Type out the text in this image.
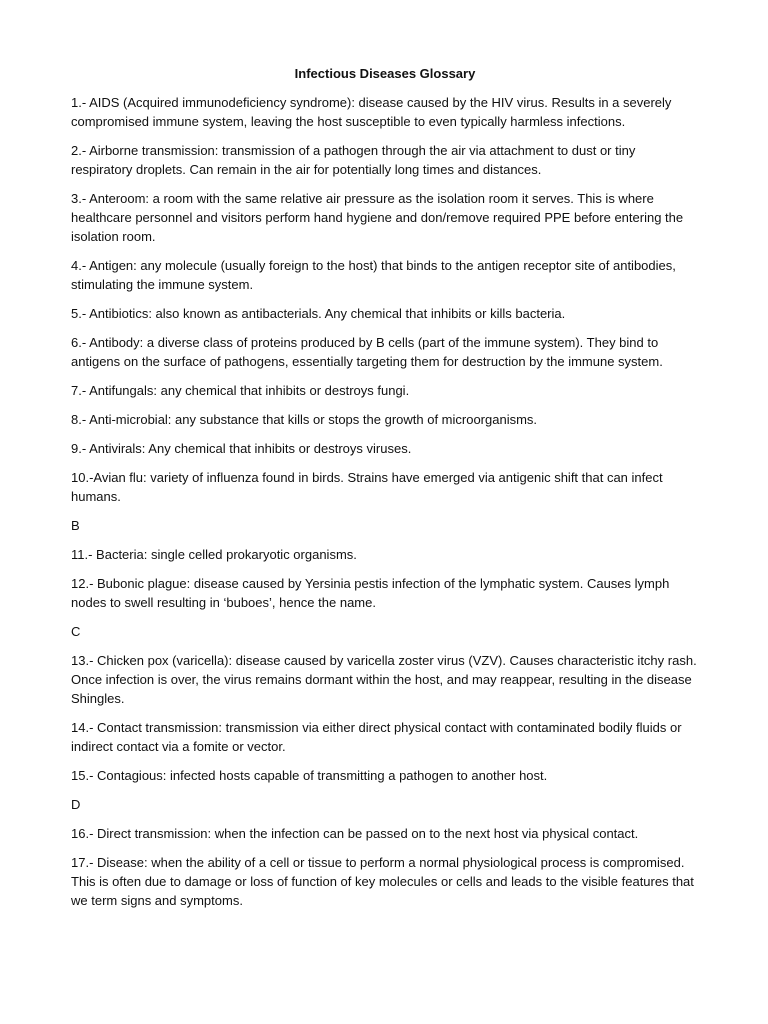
Infectious Diseases Glossary

1.- AIDS (Acquired immunodeficiency syndrome): disease caused by the HIV virus. Results in a severely compromised immune system, leaving the host susceptible to even typically harmless infections.

2.- Airborne transmission: transmission of a pathogen through the air via attachment to dust or tiny respiratory droplets. Can remain in the air for potentially long times and distances.

3.- Anteroom: a room with the same relative air pressure as the isolation room it serves. This is where healthcare personnel and visitors perform hand hygiene and don/remove required PPE before entering the isolation room.

4.- Antigen: any molecule (usually foreign to the host) that binds to the antigen receptor site of antibodies, stimulating the immune system.

5.- Antibiotics: also known as antibacterials. Any chemical that inhibits or kills bacteria.

6.- Antibody: a diverse class of proteins produced by B cells (part of the immune system). They bind to antigens on the surface of pathogens, essentially targeting them for destruction by the immune system.

7.- Antifungals: any chemical that inhibits or destroys fungi.

8.- Anti-microbial: any substance that kills or stops the growth of microorganisms.

9.- Antivirals: Any chemical that inhibits or destroys viruses.

10.-Avian flu: variety of influenza found in birds. Strains have emerged via antigenic shift that can infect humans.

B

11.- Bacteria: single celled prokaryotic organisms.

12.- Bubonic plague: disease caused by Yersinia pestis infection of the lymphatic system. Causes lymph nodes to swell resulting in ‘buboes’, hence the name.

C

13.- Chicken pox (varicella): disease caused by varicella zoster virus (VZV). Causes characteristic itchy rash. Once infection is over, the virus remains dormant within the host, and may reappear, resulting in the disease Shingles.

14.- Contact transmission: transmission via either direct physical contact with contaminated bodily fluids or indirect contact via a fomite or vector.

15.- Contagious: infected hosts capable of transmitting a pathogen to another host.

D

16.- Direct transmission: when the infection can be passed on to the next host via physical contact.

17.- Disease: when the ability of a cell or tissue to perform a normal physiological process is compromised. This is often due to damage or loss of function of key molecules or cells and leads to the visible features that we term signs and symptoms.
